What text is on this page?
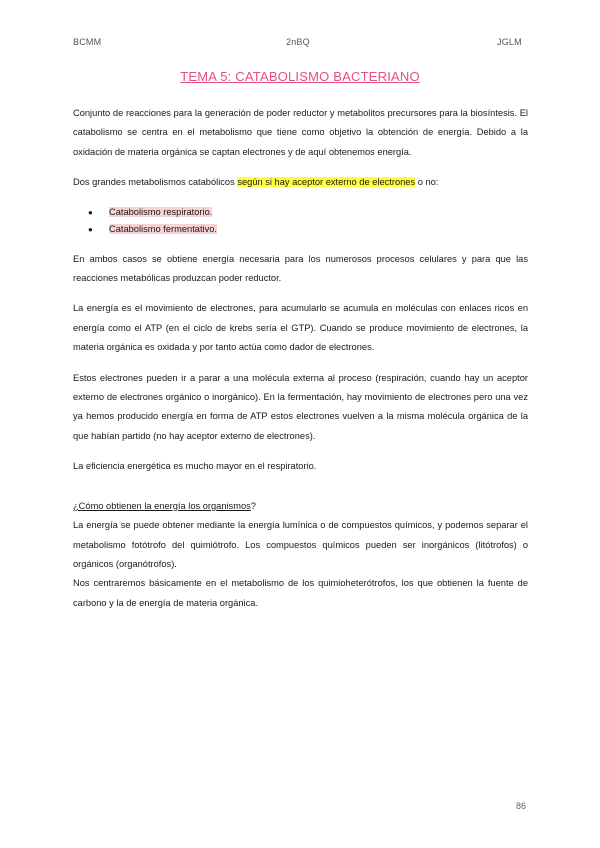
BCMM	2nBQ	JGLM
TEMA 5: CATABOLISMO BACTERIANO

Conjunto de reacciones para la generación de poder reductor y metabolitos precursores para la biosíntesis. El catabolismo se centra en el metabolismo que tiene como objetivo la obtención de energía. Debido a la oxidación de materia orgánica se captan electrones y de aquí obtenemos energía.

Dos grandes metabolismos catabólicos según si hay aceptor externo de electrones o no:

● Catabolismo respiratorio.
● Catabolismo fermentativo.

En ambos casos se obtiene energía necesaria para los numerosos procesos celulares y para que las reacciones metabólicas produzcan poder reductor.

La energía es el movimiento de electrones, para acumularlo se acumula en moléculas con enlaces ricos en energía como el ATP (en el ciclo de krebs sería el GTP). Cuando se produce movimiento de electrones, la materia orgánica es oxidada y por tanto actúa como dador de electrones.

Estos electrones pueden ir a parar a una molécula externa al proceso (respiración, cuando hay un aceptor externo de electrones orgánico o inorgánico). En la fermentación, hay movimiento de electrones pero una vez ya hemos producido energía en forma de ATP estos electrones vuelven a la misma molécula orgánica de la que habían partido (no hay aceptor externo de electrones).

La eficiencia energética es mucho mayor en el respiratorio.

¿Cómo obtienen la energía los organismos?

La energía se puede obtener mediante la energía lumínica o de compuestos químicos, y podemos separar el metabolismo fotótrofo del quimiótrofo. Los compuestos químicos pueden ser inorgánicos (litótrofos) o orgánicos (organótrofos).

Nos centraremos básicamente en el metabolismo de los quimioheterótrofos, los que obtienen la fuente de carbono y la de energía de materia orgánica.

86
